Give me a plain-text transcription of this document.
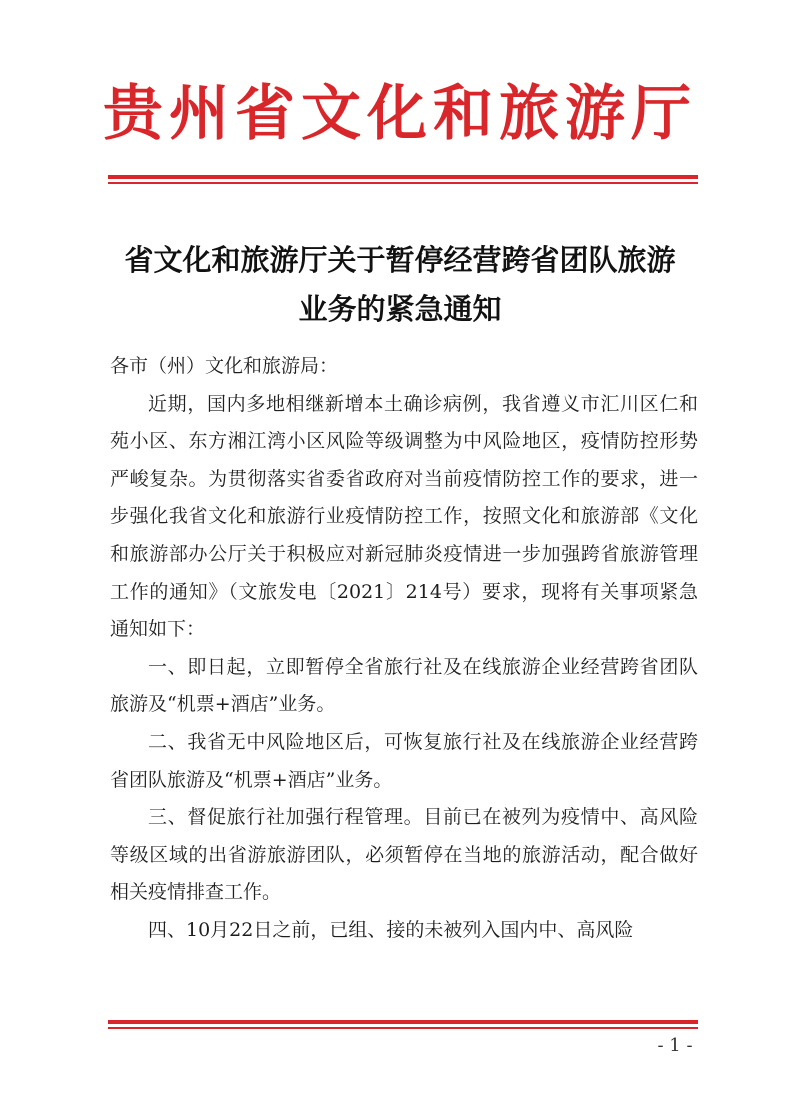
贵州省文化和旅游厅
省文化和旅游厅关于暂停经营跨省团队旅游
业务的紧急通知

各市（州）文化和旅游局：

近期，国内多地相继新增本土确诊病例，我省遵义市汇川区仁和苑小区、东方湘江湾小区风险等级调整为中风险地区，疫情防控形势严峻复杂。为贯彻落实省委省政府对当前疫情防控工作的要求，进一步强化我省文化和旅游行业疫情防控工作，按照文化和旅游部《文化和旅游部办公厅关于积极应对新冠肺炎疫情进一步加强跨省旅游管理工作的通知》（文旅发电〔2021〕214号）要求，现将有关事项紧急通知如下：

一、即日起，立即暂停全省旅行社及在线旅游企业经营跨省团队旅游及“机票+酒店”业务。

二、我省无中风险地区后，可恢复旅行社及在线旅游企业经营跨省团队旅游及“机票+酒店”业务。

三、督促旅行社加强行程管理。目前已在被列为疫情中、高风险等级区域的出省游旅游团队，必须暂停在当地的旅游活动，配合做好相关疫情排查工作。

四、10月22日之前，已组、接的未被列入国内中、高风险

- 1 -
